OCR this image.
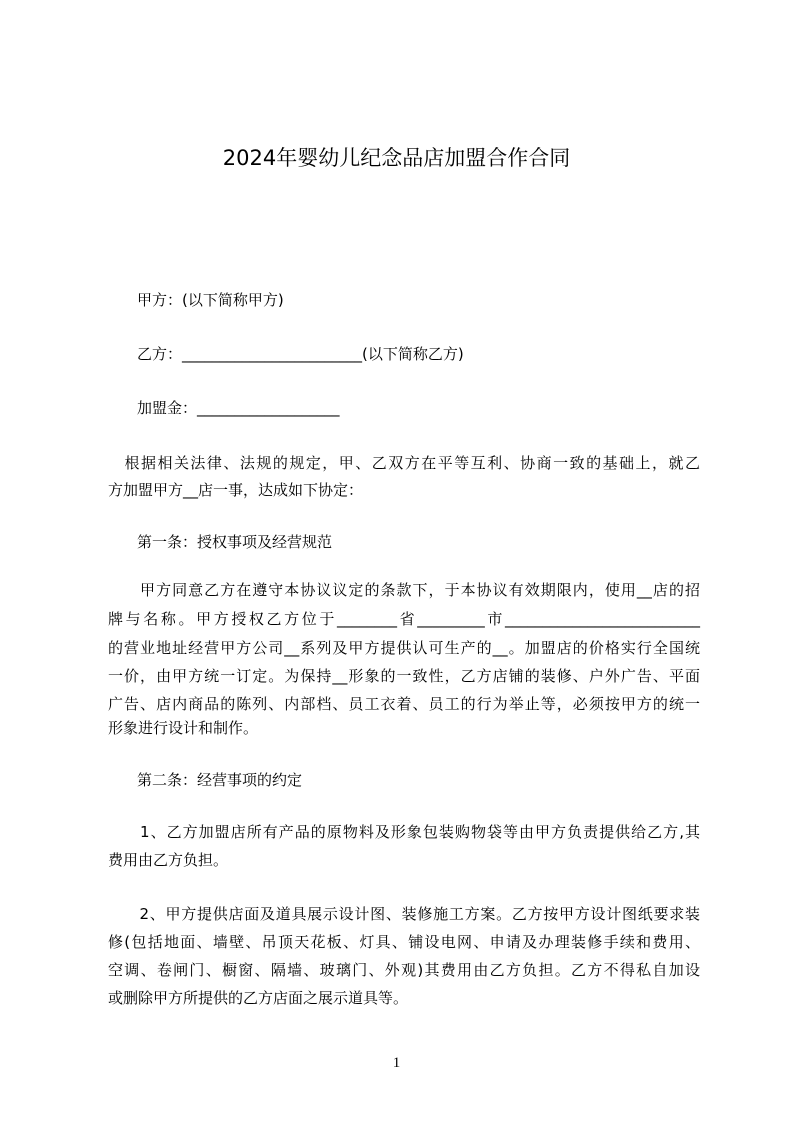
2024年婴幼儿纪念品店加盟合作合同
甲方：(以下简称甲方)
乙方：________________________(以下简称乙方)
加盟金：___________________
　根据相关法律、法规的规定，甲、乙双方在平等互利、协商一致的基础上，就乙
方加盟甲方__店一事，达成如下协定：
第一条：授权事项及经营规范
　　甲方同意乙方在遵守本协议议定的条款下，于本协议有效期限内，使用__店的招
牌与名称。甲方授权乙方位于________省_________市__________________________
的营业地址经营甲方公司__系列及甲方提供认可生产的__。加盟店的价格实行全国统
一价，由甲方统一订定。为保持__形象的一致性，乙方店铺的装修、户外广告、平面
广告、店内商品的陈列、内部档、员工衣着、员工的行为举止等，必须按甲方的统一
形象进行设计和制作。
第二条：经营事项的约定
　　1、乙方加盟店所有产品的原物料及形象包装购物袋等由甲方负责提供给乙方,其
费用由乙方负担。
　　2、甲方提供店面及道具展示设计图、装修施工方案。乙方按甲方设计图纸要求装
修(包括地面、墙壁、吊顶天花板、灯具、铺设电网、申请及办理装修手续和费用、
空调、卷闸门、橱窗、隔墙、玻璃门、外观)其费用由乙方负担。乙方不得私自加设
或删除甲方所提供的乙方店面之展示道具等。
1
